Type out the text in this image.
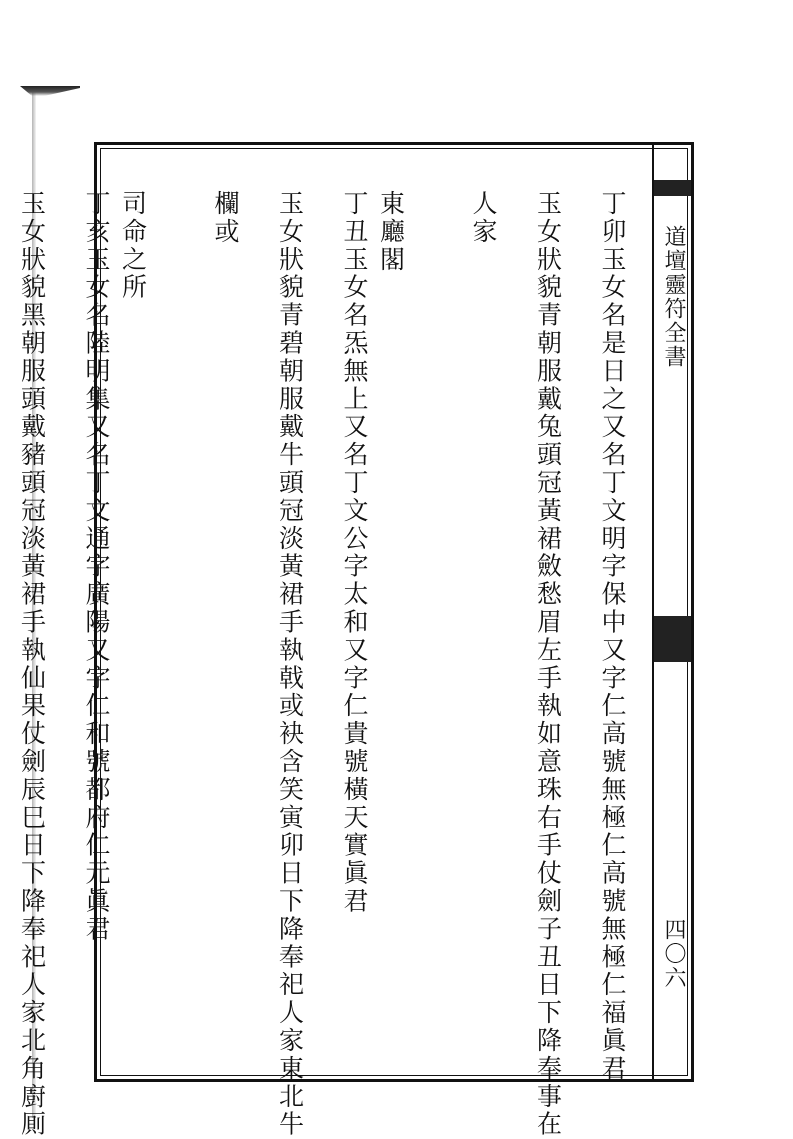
道壇靈符全書
四〇六
丁卯玉女名是日之又名丁文明字保中又字仁高號無極仁高號無極仁福眞君
玉女狀貌青朝服戴兔頭冠黃裙斂愁眉左手執如意珠右手仗劍子丑日下降奉事在
人家
東廳閣
丁丑玉女名炁無上又名丁文公字太和又字仁貴號橫天實眞君
玉女狀貌青碧朝服戴牛頭冠淡黃裙手執戟或袂含笑寅卯日下降奉祀人家東北牛
欄或
司命之所
丁亥玉女名陸明集又名丁文通字廣陽又字仁和號都府仁元眞君
玉女狀貌黑朝服頭戴豬頭冠淡黃裙手執仙果仗劍辰巳日下降奉祀人家北角廚厠
